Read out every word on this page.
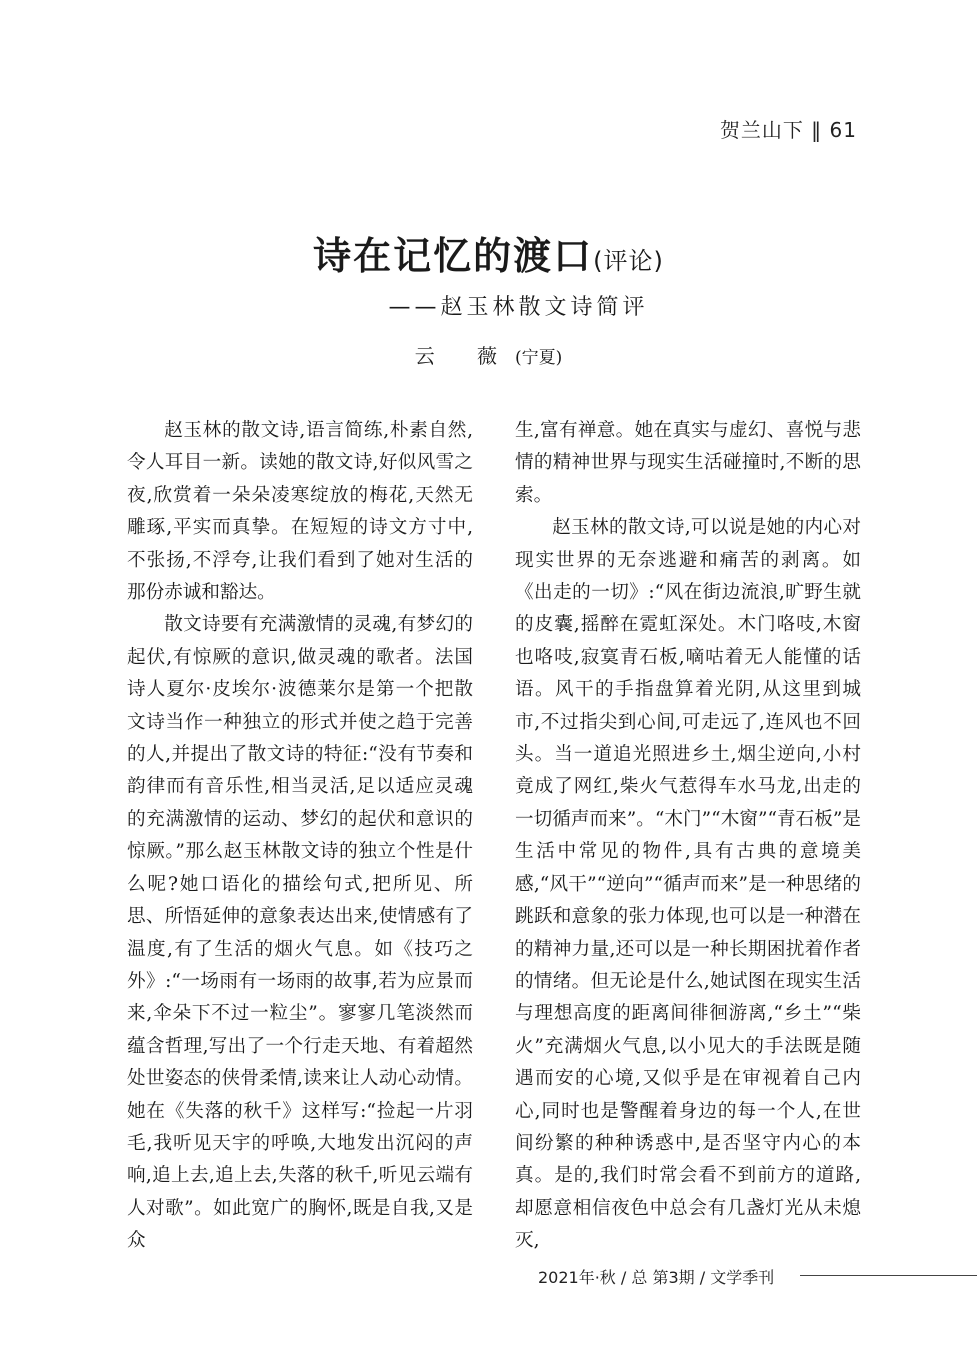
贺兰山下 ‖ 61
诗在记忆的渡口(评论)
——赵玉林散文诗简评
云 薇(宁夏)

赵玉林的散文诗,语言简练,朴素自然,令人耳目一新。读她的散文诗,好似风雪之夜,欣赏着一朵朵凌寒绽放的梅花,天然无雕琢,平实而真挚。在短短的诗文方寸中,不张扬,不浮夸,让我们看到了她对生活的那份赤诚和豁达。

散文诗要有充满激情的灵魂,有梦幻的起伏,有惊厥的意识,做灵魂的歌者。法国诗人夏尔·皮埃尔·波德莱尔是第一个把散文诗当作一种独立的形式并使之趋于完善的人,并提出了散文诗的特征:“没有节奏和韵律而有音乐性,相当灵活,足以适应灵魂的充满激情的运动、梦幻的起伏和意识的惊厥。”那么赵玉林散文诗的独立个性是什么呢?她口语化的描绘句式,把所见、所思、所悟延伸的意象表达出来,使情感有了温度,有了生活的烟火气息。如《技巧之外》:“一场雨有一场雨的故事,若为应景而来,伞朵下不过一粒尘”。寥寥几笔淡然而蕴含哲理,写出了一个行走天地、有着超然处世姿态的侠骨柔情,读来让人动心动情。她在《失落的秋千》这样写:“捡起一片羽毛,我听见天宇的呼唤,大地发出沉闷的声响,追上去,追上去,失落的秋千,听见云端有人对歌”。如此宽广的胸怀,既是自我,又是众

生,富有禅意。她在真实与虚幻、喜悦与悲情的精神世界与现实生活碰撞时,不断的思索。

赵玉林的散文诗,可以说是她的内心对现实世界的无奈逃避和痛苦的剥离。如《出走的一切》:“风在街边流浪,旷野生就的皮囊,摇醉在霓虹深处。木门咯吱,木窗也咯吱,寂寞青石板,嘀咕着无人能懂的话语。风干的手指盘算着光阴,从这里到城市,不过指尖到心间,可走远了,连风也不回头。当一道追光照进乡土,烟尘逆向,小村竟成了网红,柴火气惹得车水马龙,出走的一切循声而来”。“木门”“木窗”“青石板”是生活中常见的物件,具有古典的意境美感,“风干”“逆向”“循声而来”是一种思绪的跳跃和意象的张力体现,也可以是一种潜在的精神力量,还可以是一种长期困扰着作者的情绪。但无论是什么,她试图在现实生活与理想高度的距离间徘徊游离,“乡土”“柴火”充满烟火气息,以小见大的手法既是随遇而安的心境,又似乎是在审视着自己内心,同时也是警醒着身边的每一个人,在世间纷繁的种种诱惑中,是否坚守内心的本真。是的,我们时常会看不到前方的道路,却愿意相信夜色中总会有几盏灯光从未熄灭,

2021年·秋 / 总 第3期 / 文学季刊
